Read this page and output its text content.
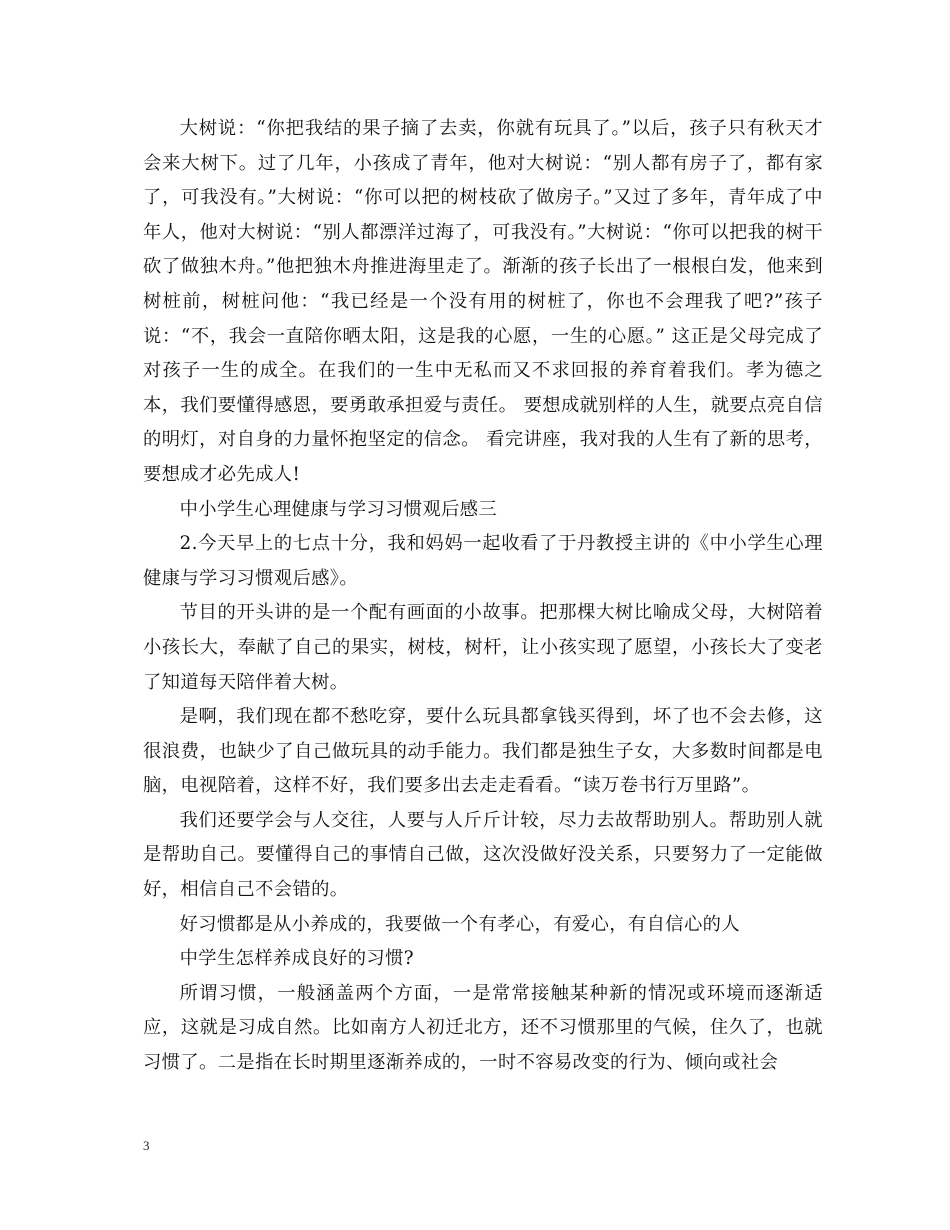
大树说：“你把我结的果子摘了去卖，你就有玩具了。”以后，孩子只有秋天才会来大树下。过了几年，小孩成了青年，他对大树说：“别人都有房子了，都有家了，可我没有。”大树说：“你可以把的树枝砍了做房子。”又过了多年，青年成了中年人，他对大树说：“别人都漂洋过海了，可我没有。”大树说：“你可以把我的树干砍了做独木舟。”他把独木舟推进海里走了。渐渐的孩子长出了一根根白发，他来到树桩前，树桩问他：“我已经是一个没有用的树桩了，你也不会理我了吧?”孩子说：“不，我会一直陪你晒太阳，这是我的心愿，一生的心愿。” 这正是父母完成了对孩子一生的成全。在我们的一生中无私而又不求回报的养育着我们。孝为德之本，我们要懂得感恩，要勇敢承担爱与责任。 要想成就别样的人生，就要点亮自信的明灯，对自身的力量怀抱坚定的信念。 看完讲座，我对我的人生有了新的思考，要想成才必先成人!

中小学生心理健康与学习习惯观后感三

2.今天早上的七点十分，我和妈妈一起收看了于丹教授主讲的《中小学生心理健康与学习习惯观后感》。

节目的开头讲的是一个配有画面的小故事。把那棵大树比喻成父母，大树陪着小孩长大，奉献了自己的果实，树枝，树杆，让小孩实现了愿望，小孩长大了变老了知道每天陪伴着大树。

是啊，我们现在都不愁吃穿，要什么玩具都拿钱买得到，坏了也不会去修，这很浪费，也缺少了自己做玩具的动手能力。我们都是独生子女，大多数时间都是电脑，电视陪着，这样不好，我们要多出去走走看看。“读万卷书行万里路”。

我们还要学会与人交往，人要与人斤斤计较，尽力去故帮助别人。帮助别人就是帮助自己。要懂得自己的事情自己做，这次没做好没关系，只要努力了一定能做好，相信自己不会错的。

好习惯都是从小养成的，我要做一个有孝心，有爱心，有自信心的人

中学生怎样养成良好的习惯?

所谓习惯，一般涵盖两个方面，一是常常接触某种新的情况或环境而逐渐适应，这就是习成自然。比如南方人初迁北方，还不习惯那里的气候，住久了，也就习惯了。二是指在长时期里逐渐养成的，一时不容易改变的行为、倾向或社会

3
